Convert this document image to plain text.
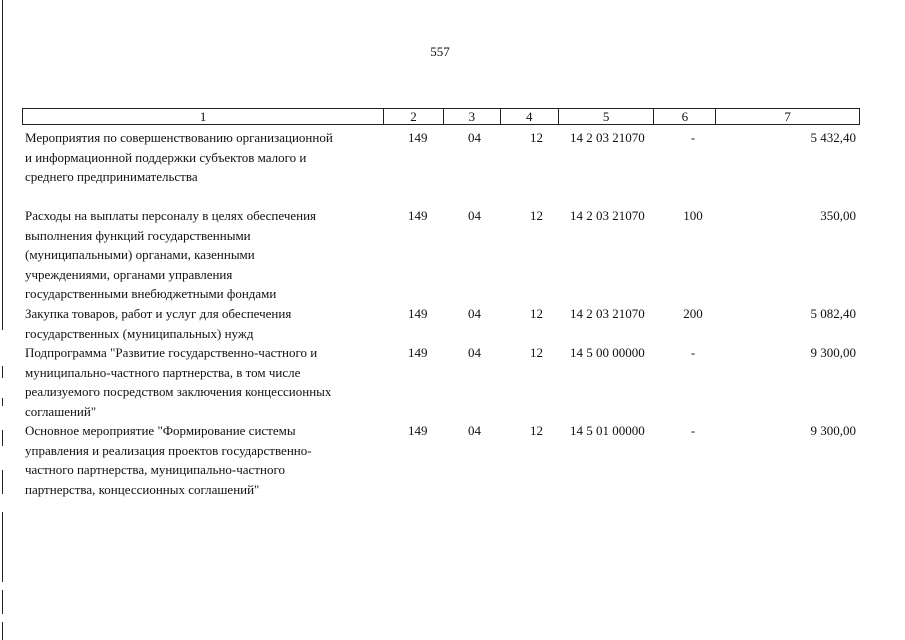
557
1	2	3	4	5	6	7
Мероприятия по совершенствованию организационной
и информационной поддержки субъектов малого и
среднего предпринимательства
149	04	12	14 2 03 21070	-	5 432,40
Расходы на выплаты персоналу в целях обеспечения
выполнения функций государственными
(муниципальными) органами, казенными
учреждениями, органами управления
государственными внебюджетными фондами
149	04	12	14 2 03 21070	100	350,00
Закупка товаров, работ и услуг для обеспечения
государственных (муниципальных) нужд
149	04	12	14 2 03 21070	200	5 082,40
Подпрограмма "Развитие государственно-частного и
муниципально-частного партнерства, в том числе
реализуемого посредством заключения концессионных
соглашений"
149	04	12	14 5 00 00000	-	9 300,00
Основное мероприятие "Формирование системы
управления и реализация проектов государственно-
частного партнерства, муниципально-частного
партнерства, концессионных соглашений"
149	04	12	14 5 01 00000	-	9 300,00
